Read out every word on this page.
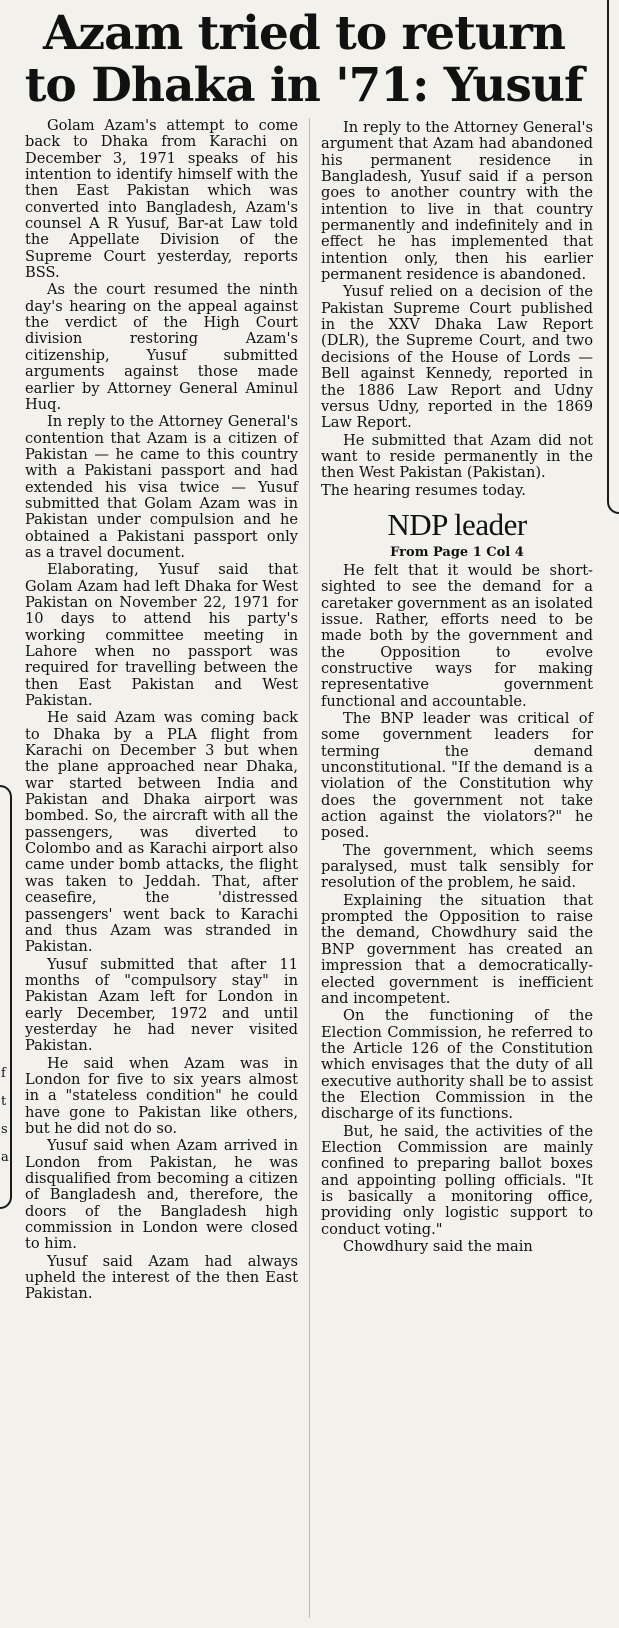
f
t
s
a
Azam tried to return to Dhaka in '71: Yusuf

Golam Azam's attempt to come back to Dhaka from Karachi on December 3, 1971 speaks of his intention to identify himself with the then East Pakistan which was converted into Bangladesh, Azam's counsel A R Yusuf, Bar-at Law told the Appellate Division of the Supreme Court yesterday, reports BSS.

As the court resumed the ninth day's hearing on the appeal against the verdict of the High Court division restoring Azam's citizenship, Yusuf submitted arguments against those made earlier by Attorney General Aminul Huq.

In reply to the Attorney General's contention that Azam is a citizen of Pakistan — he came to this country with a Pakistani passport and had extended his visa twice — Yusuf submitted that Golam Azam was in Pakistan under compulsion and he obtained a Pakistani passport only as a travel document.

Elaborating, Yusuf said that Golam Azam had left Dhaka for West Pakistan on November 22, 1971 for 10 days to attend his party's working committee meeting in Lahore when no passport was required for travelling between the then East Pakistan and West Pakistan.

He said Azam was coming back to Dhaka by a PLA flight from Karachi on December 3 but when the plane approached near Dhaka, war started between India and Pakistan and Dhaka airport was bombed. So, the aircraft with all the passengers, was diverted to Colombo and as Karachi airport also came under bomb attacks, the flight was taken to Jeddah. That, after ceasefire, the 'distressed passengers' went back to Karachi and thus Azam was stranded in Pakistan.

Yusuf submitted that after 11 months of "compulsory stay" in Pakistan Azam left for London in early December, 1972 and until yesterday he had never visited Pakistan.

He said when Azam was in London for five to six years almost in a "stateless condition" he could have gone to Pakistan like others, but he did not do so.

Yusuf said when Azam arrived in London from Pakistan, he was disqualified from becoming a citizen of Bangladesh and, therefore, the doors of the Bangladesh high commission in London were closed to him.

Yusuf said Azam had always upheld the interest of the then East Pakistan.

In reply to the Attorney General's argument that Azam had abandoned his permanent residence in Bangladesh, Yusuf said if a person goes to another country with the intention to live in that country permanently and indefinitely and in effect he has implemented that intention only, then his earlier permanent residence is abandoned.

Yusuf relied on a decision of the Pakistan Supreme Court published in the XXV Dhaka Law Report (DLR), the Supreme Court, and two decisions of the House of Lords — Bell against Kennedy, reported in the 1886 Law Report and Udny versus Udny, reported in the 1869 Law Report.

He submitted that Azam did not want to reside permanently in the then West Pakistan (Pakistan).

The hearing resumes today.

NDP leader
From Page 1 Col 4

He felt that it would be short-sighted to see the demand for a caretaker government as an isolated issue. Rather, efforts need to be made both by the government and the Opposition to evolve constructive ways for making representative government functional and accountable.

The BNP leader was critical of some government leaders for terming the demand unconstitutional. "If the demand is a violation of the Constitution why does the government not take action against the violators?" he posed.

The government, which seems paralysed, must talk sensibly for resolution of the problem, he said.

Explaining the situation that prompted the Opposition to raise the demand, Chowdhury said the BNP government has created an impression that a democratically-elected government is inefficient and incompetent.

On the functioning of the Election Commission, he referred to the Article 126 of the Constitution which envisages that the duty of all executive authority shall be to assist the Election Commission in the discharge of its functions.

But, he said, the activities of the Election Commission are mainly confined to preparing ballot boxes and appointing polling officials. "It is basically a monitoring office, providing only logistic support to conduct voting."

Chowdhury said the main
